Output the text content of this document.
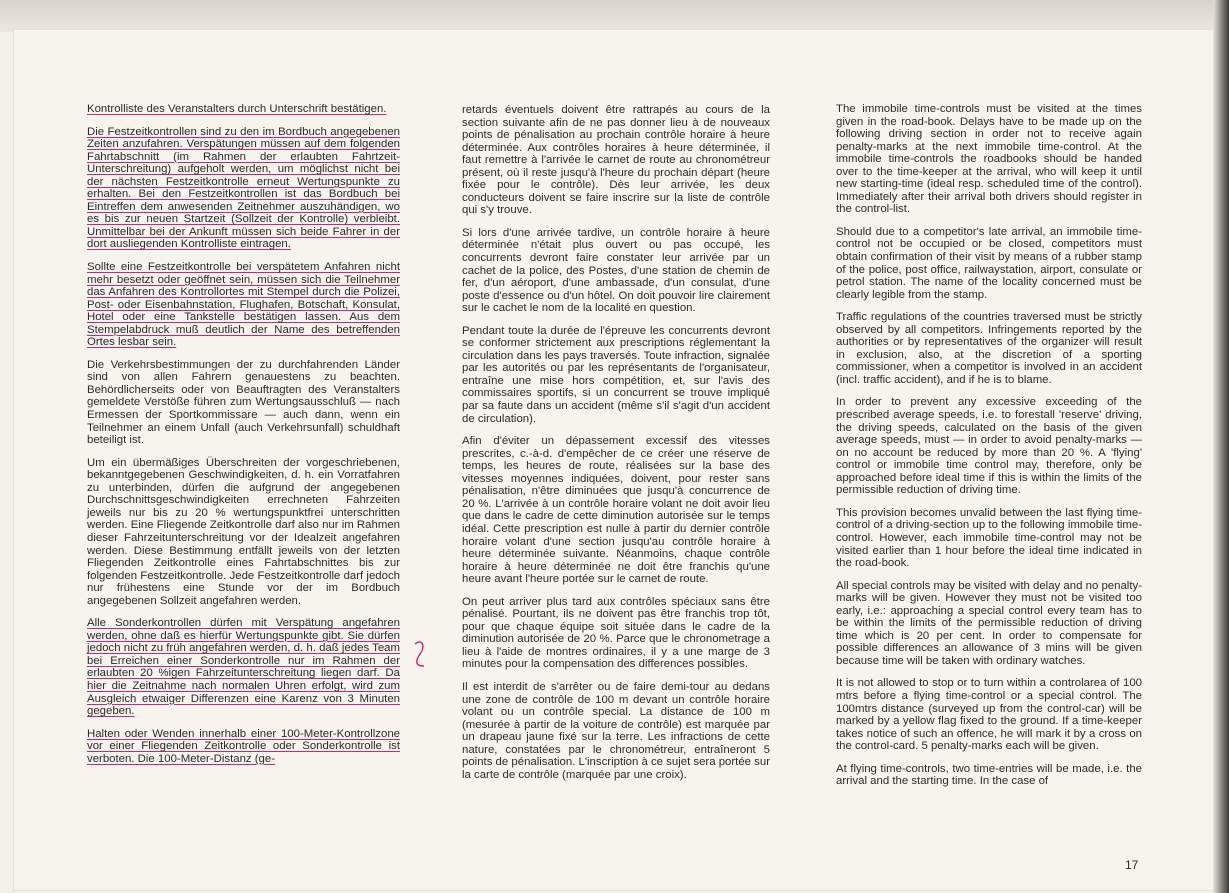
Kontrolliste des Veranstalters durch Unterschrift bestätigen.

Die Festzeitkontrollen sind zu den im Bordbuch angegebenen Zeiten anzufahren. Verspätungen müssen auf dem folgenden Fahrtabschnitt (im Rahmen der erlaubten Fahrtzeit-Unterschreitung) aufgeholt werden, um möglichst nicht bei der nächsten Festzeitkontrolle erneut Wertungspunkte zu erhalten. Bei den Festzeitkontrollen ist das Bordbuch bei Eintreffen dem anwesenden Zeitnehmer auszuhändigen, wo es bis zur neuen Startzeit (Sollzeit der Kontrolle) verbleibt. Unmittelbar bei der Ankunft müssen sich beide Fahrer in der dort ausliegenden Kontrolliste eintragen.

Sollte eine Festzeitkontrolle bei verspätetem Anfahren nicht mehr besetzt oder geöffnet sein, müssen sich die Teilnehmer das Anfahren des Kontrollortes mit Stempel durch die Polizei, Post- oder Eisenbahnstation, Flughafen, Botschaft, Konsulat, Hotel oder eine Tankstelle bestätigen lassen. Aus dem Stempelabdruck muß deutlich der Name des betreffenden Ortes lesbar sein.

Die Verkehrsbestimmungen der zu durchfahrenden Länder sind von allen Fahrern genauestens zu beachten. Behördlicherseits oder von Beauftragten des Veranstalters gemeldete Verstöße führen zum Wertungsausschluß — nach Ermessen der Sportkommissare — auch dann, wenn ein Teilnehmer an einem Unfall (auch Verkehrsunfall) schuldhaft beteiligt ist.

Um ein übermäßiges Überschreiten der vorgeschriebenen, bekanntgegebenen Geschwindigkeiten, d. h. ein Vorratfahren zu unterbinden, dürfen die aufgrund der angegebenen Durchschnittsgeschwindigkeiten errechneten Fahrzeiten jeweils nur bis zu 20 % wertungspunktfrei unterschritten werden. Eine Fliegende Zeitkontrolle darf also nur im Rahmen dieser Fahrzeitunterschreitung vor der Idealzeit angefahren werden. Diese Bestimmung entfällt jeweils von der letzten Fliegenden Zeitkontrolle eines Fahrtabschnittes bis zur folgenden Festzeitkontrolle. Jede Festzeitkontrolle darf jedoch nur frühestens eine Stunde vor der im Bordbuch angegebenen Sollzeit angefahren werden.

Alle Sonderkontrollen dürfen mit Verspätung angefahren werden, ohne daß es hierfür Wertungspunkte gibt. Sie dürfen jedoch nicht zu früh angefahren werden, d. h. daß jedes Team bei Erreichen einer Sonderkontrolle nur im Rahmen der erlaubten 20 %igen Fahrzeitunterschreitung liegen darf. Da hier die Zeitnahme nach normalen Uhren erfolgt, wird zum Ausgleich etwaiger Differenzen eine Karenz von 3 Minuten gegeben.

Halten oder Wenden innerhalb einer 100-Meter-Kontrollzone vor einer Fliegenden Zeitkontrolle oder Sonderkontrolle ist verboten. Die 100-Meter-Distanz (ge-

retards éventuels doivent être rattrapés au cours de la section suivante afin de ne pas donner lieu à de nouveaux points de pénalisation au prochain contrôle horaire à heure déterminée. Aux contrôles horaires à heure déterminée, il faut remettre à l'arrivée le carnet de route au chronométreur présent, où il reste jusqu'à l'heure du prochain départ (heure fixée pour le contrôle). Dès leur arrivée, les deux conducteurs doivent se faire inscrire sur la liste de contrôle qui s'y trouve.

Si lors d'une arrivée tardive, un contrôle horaire à heure déterminée n'était plus ouvert ou pas occupé, les concurrents devront faire constater leur arrivée par un cachet de la police, des Postes, d'une station de chemin de fer, d'un aéroport, d'une ambassade, d'un consulat, d'une poste d'essence ou d'un hôtel. On doit pouvoir lire clairement sur le cachet le nom de la localité en question.

Pendant toute la durée de l'épreuve les concurrents devront se conformer strictement aux prescriptions réglementant la circulation dans les pays traversés. Toute infraction, signalée par les autorités ou par les représentants de l'organisateur, entraîne une mise hors compétition, et, sur l'avis des commissaires sportifs, si un concurrent se trouve impliqué par sa faute dans un accident (même s'il s'agit d'un accident de circulation).

Afin d'éviter un dépassement excessif des vitesses prescrites, c.-à-d. d'empêcher de ce créer une réserve de temps, les heures de route, réalisées sur la base des vitesses moyennes indiquées, doivent, pour rester sans pénalisation, n'être diminuées que jusqu'à concurrence de 20 %. L'arrivée à un contrôle horaire volant ne doit avoir lieu que dans le cadre de cette diminution autorisée sur le temps idéal. Cette prescription est nulle à partir du dernier contrôle horaire volant d'une section jusqu'au contrôle horaire à heure déterminée suivante. Néanmoins, chaque contrôle horaire à heure déterminée ne doit être franchis qu'une heure avant l'heure portée sur le carnet de route.

On peut arriver plus tard aux contrôles spéciaux sans être pénalisé. Pourtant, ils ne doivent pas être franchis trop tôt, pour que chaque équipe soit située dans le cadre de la diminution autorisée de 20 %. Parce que le chronometrage a lieu à l'aide de montres ordinaires, il y a une marge de 3 minutes pour la compensation des differences possibles.

Il est interdit de s'arrêter ou de faire demi-tour au dedans une zone de contrôle de 100 m devant un contrôle horaire volant ou un contrôle special. La distance de 100 m (mesurée à partir de la voiture de contrôle) est marquée par un drapeau jaune fixé sur la terre. Les infractions de cette nature, constatées par le chronométreur, entraîneront 5 points de pénalisation. L'inscription à ce sujet sera portée sur la carte de contrôle (marquée par une croix).

The immobile time-controls must be visited at the times given in the road-book. Delays have to be made up on the following driving section in order not to receive again penalty-marks at the next immobile time-control. At the immobile time-controls the roadbooks should be handed over to the time-keeper at the arrival, who will keep it until new starting-time (ideal resp. scheduled time of the control). Immediately after their arrival both drivers should register in the control-list.

Should due to a competitor's late arrival, an immobile time-control not be occupied or be closed, competitors must obtain confirmation of their visit by means of a rubber stamp of the police, post office, railwaystation, airport, consulate or petrol station. The name of the locality concerned must be clearly legible from the stamp.

Traffic regulations of the countries traversed must be strictly observed by all competitors. Infringements reported by the authorities or by representatives of the organizer will result in exclusion, also, at the discretion of a sporting commissioner, when a competitor is involved in an accident (incl. traffic accident), and if he is to blame.

In order to prevent any excessive exceeding of the prescribed average speeds, i.e. to forestall 'reserve' driving, the driving speeds, calculated on the basis of the given average speeds, must — in order to avoid penalty-marks — on no account be reduced by more than 20 %. A 'flying' control or immobile time control may, therefore, only be approached before ideal time if this is within the limits of the permissible reduction of driving time.

This provision becomes unvalid between the last flying time-control of a driving-section up to the following immobile time-control. However, each immobile time-control may not be visited earlier than 1 hour before the ideal time indicated in the road-book.

All special controls may be visited with delay and no penalty-marks will be given. However they must not be visited too early, i.e.: approaching a special control every team has to be within the limits of the permissible reduction of driving time which is 20 per cent. In order to compensate for possible differences an allowance of 3 mins will be given because time will be taken with ordinary watches.

It is not allowed to stop or to turn within a controlarea of 100 mtrs before a flying time-control or a special control. The 100mtrs distance (surveyed up from the control-car) will be marked by a yellow flag fixed to the ground. If a time-keeper takes notice of such an offence, he will mark it by a cross on the control-card. 5 penalty-marks each will be given.

At flying time-controls, two time-entries will be made, i.e. the arrival and the starting time. In the case of

17
